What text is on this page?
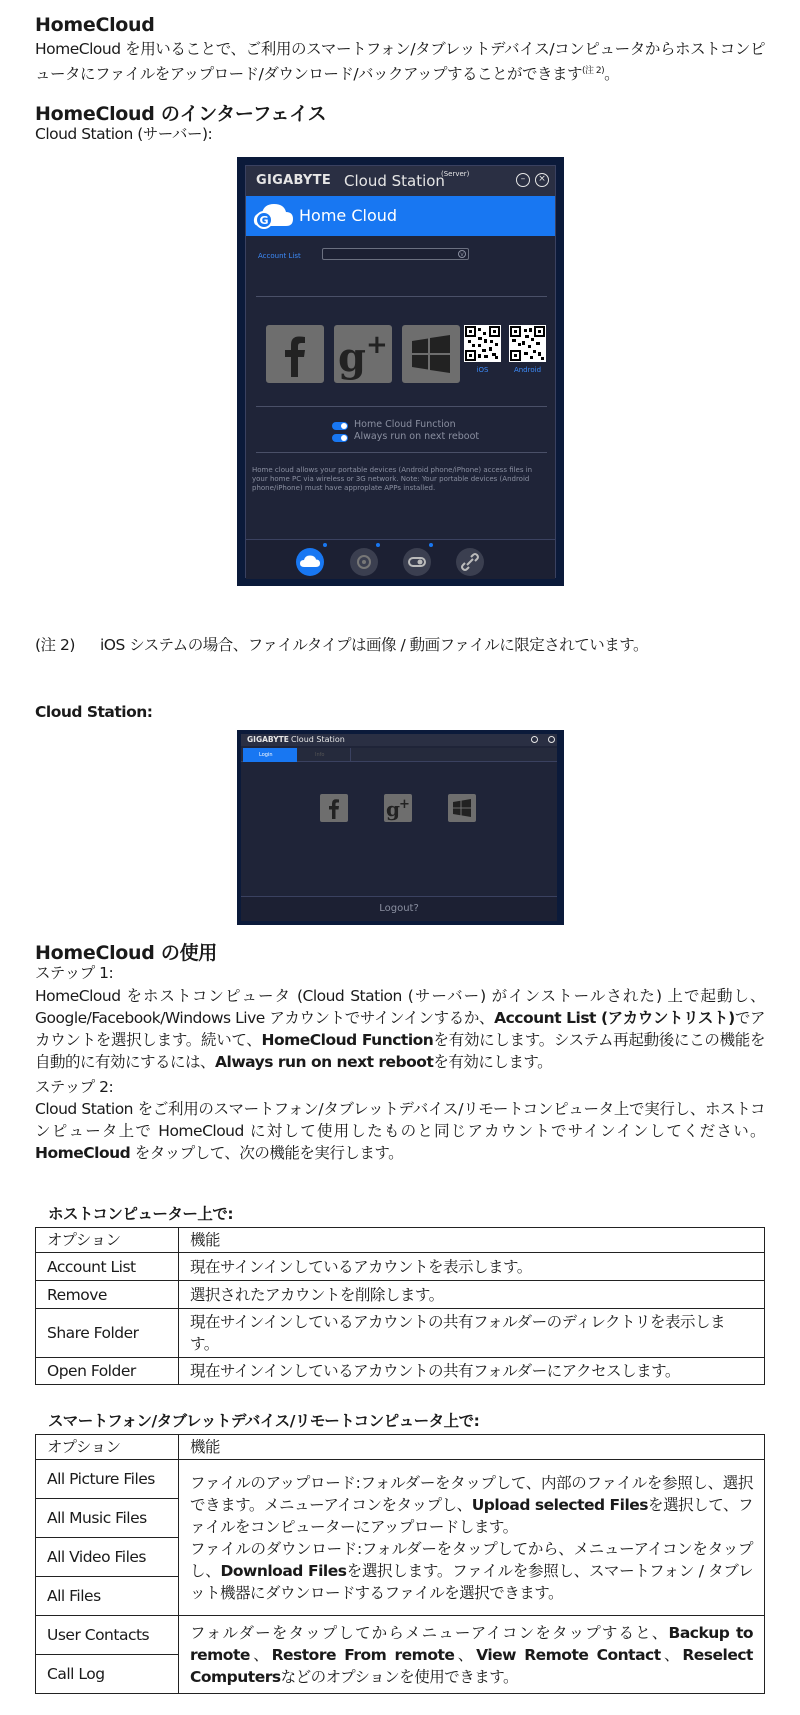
HomeCloud
HomeCloud を用いることで、ご利用のスマートフォン/タブレットデバイス/コンピュータからホストコンピュータにファイルをアップロード/ダウンロード/バックアップすることができます$^{(注 2)}$。
HomeCloud のインターフェイス
Cloud Station (サーバー):
GIGABYTE Cloud Station
(Server)	–	×
G Home Cloud
Account List	v
g +
iOS	Android
Home Cloud Function
Always run on next reboot
Home cloud allows your portable devices (Android phone/iPhone) access files in your home PC via wireless or 3G network. Note: Your portable devices (Android phone/iPhone) must have approplate APPs installed.
(注 2) iOS システムの場合、ファイルタイプは画像 / 動画ファイルに限定されています。
Cloud Station:
GIGABYTE Cloud Station
Login	Info
g +
Logout?
HomeCloud の使用
ステップ 1:
HomeCloud をホストコンピュータ (Cloud Station (サーバー) がインストールされた) 上で起動し、Google/Facebook/Windows Live アカウントでサインインするか、Account List (アカウントリスト)でアカウントを選択します。続いて、HomeCloud Functionを有効にします。システム再起動後にこの機能を自動的に有効にするには、Always run on next rebootを有効にします。
ステップ 2:
Cloud Station をご利用のスマートフォン/タブレットデバイス/リモートコンピュータ上で実行し、ホストコンピュータ上で HomeCloud に対して使用したものと同じアカウントでサインインしてください。HomeCloud をタップして、次の機能を実行します。
ホストコンピューター上で:
オプション	機能
Account List	現在サインインしているアカウントを表示します。
Remove	選択されたアカウントを削除します。
Share Folder	現在サインインしているアカウントの共有フォルダーのディレクトリを表示します。
Open Folder	現在サインインしているアカウントの共有フォルダーにアクセスします。
スマートフォン/タブレットデバイス/リモートコンピュータ上で:
オプション	機能
All Picture Files	ファイルのアップロード:フォルダーをタップして、内部のファイルを参照し、選択できます。メニューアイコンをタップし、Upload selected Filesを選択して、ファイルをコンピューターにアップロードします。
ファイルのダウンロード:フォルダーをタップしてから、メニューアイコンをタップし、Download Filesを選択します。ファイルを参照し、スマートフォン / タブレット機器にダウンロードするファイルを選択できます。
All Music Files	
All Video Files	
All Files	
User Contacts	フォルダーをタップしてからメニューアイコンをタップすると、Backup to remote、Restore From remote、View Remote Contact、Reselect Computersなどのオプションを使用できます。
Call Log	
